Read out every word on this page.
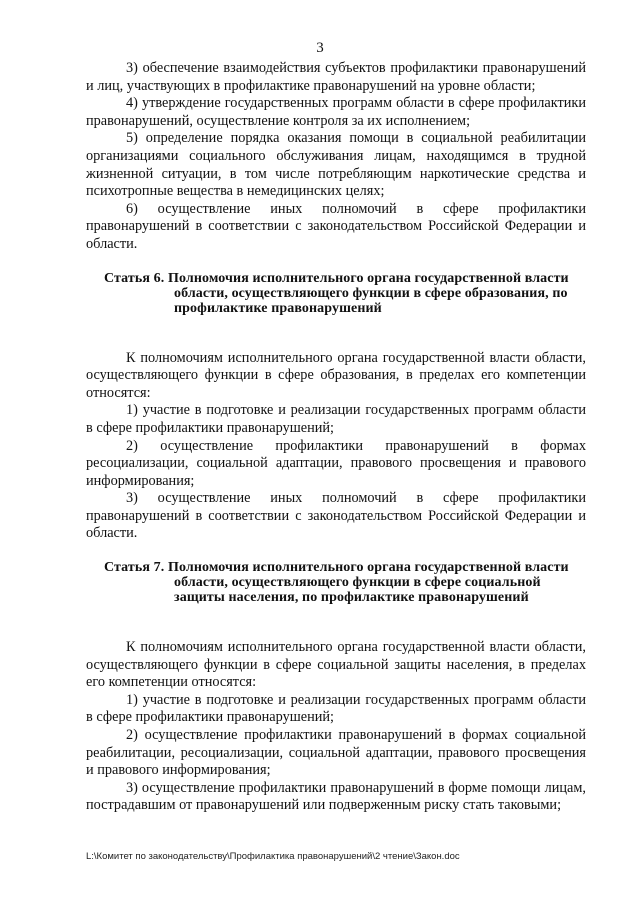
3

3) обеспечение взаимодействия субъектов профилактики правонарушений и лиц, участвующих в профилактике правонарушений на уровне области;

4) утверждение государственных программ области в сфере профилактики правонарушений, осуществление контроля за их исполнением;

5) определение порядка оказания помощи в социальной реабилитации организациями социального обслуживания лицам, находящимся в трудной жизненной ситуации, в том числе потребляющим наркотические средства и психотропные вещества в немедицинских целях;

6) осуществление иных полномочий в сфере профилактики правонарушений в соответствии с законодательством Российской Федерации и области.

Статья 6. Полномочия исполнительного органа государственной власти области, осуществляющего функции в сфере образования, по профилактике правонарушений

К полномочиям исполнительного органа государственной власти области, осуществляющего функции в сфере образования, в пределах его компетенции относятся:

1) участие в подготовке и реализации государственных программ области в сфере профилактики правонарушений;

2) осуществление профилактики правонарушений в формах ресоциализации, социальной адаптации, правового просвещения и правового информирования;

3) осуществление иных полномочий в сфере профилактики правонарушений в соответствии с законодательством Российской Федерации и области.

Статья 7. Полномочия исполнительного органа государственной власти области, осуществляющего функции в сфере социальной защиты населения, по профилактике правонарушений

К полномочиям исполнительного органа государственной власти области, осуществляющего функции в сфере социальной защиты населения, в пределах его компетенции относятся:

1) участие в подготовке и реализации государственных программ области в сфере профилактики правонарушений;

2) осуществление профилактики правонарушений в формах социальной реабилитации, ресоциализации, социальной адаптации, правового просвещения и правового информирования;

3) осуществление профилактики правонарушений в форме помощи лицам, пострадавшим от правонарушений или подверженным риску стать таковыми;

L:\Комитет по законодательству\Профилактика правонарушений\2 чтение\Закон.doc
